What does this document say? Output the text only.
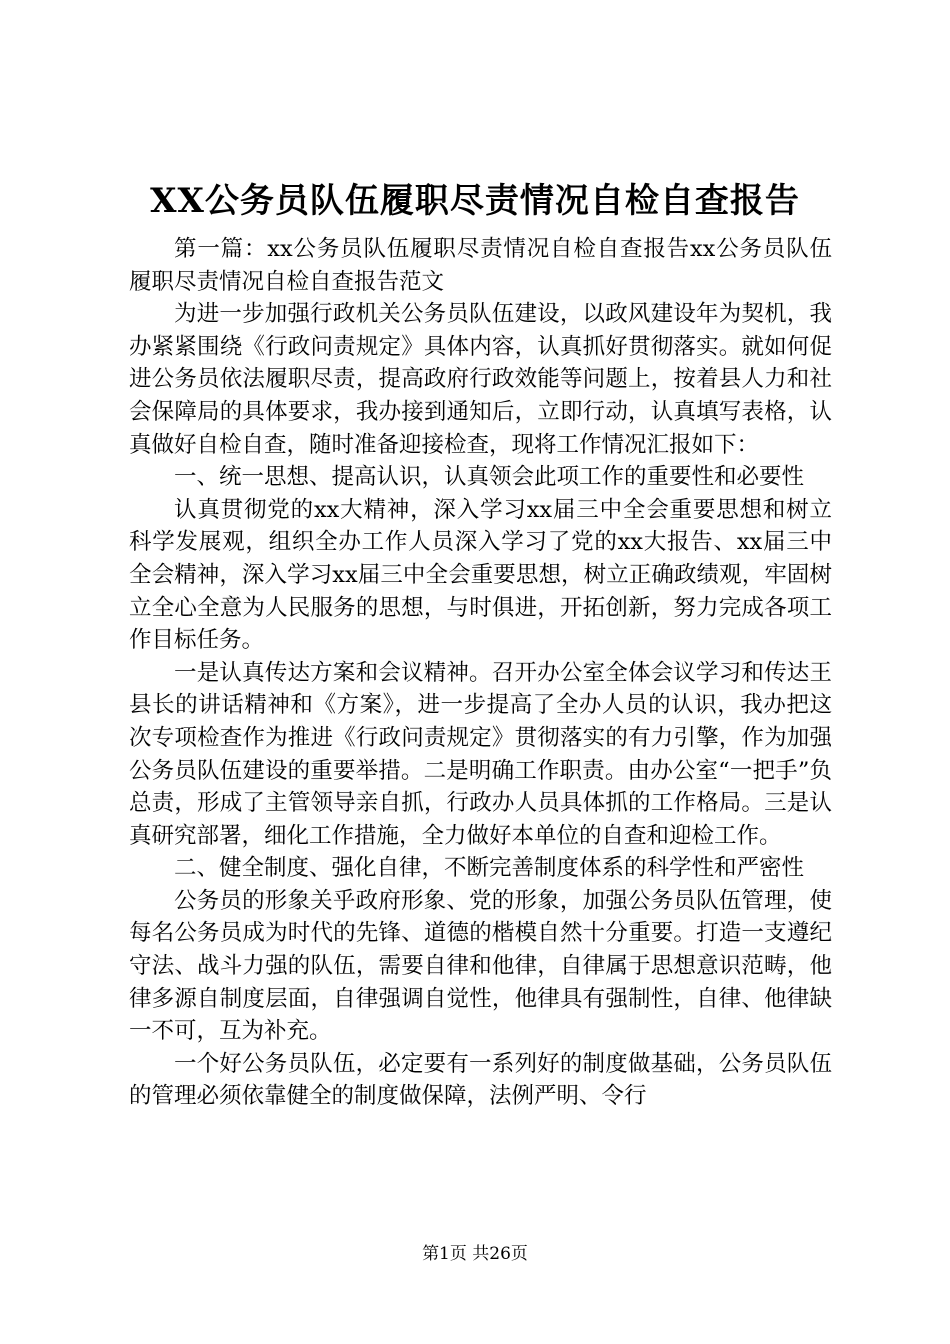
XX公务员队伍履职尽责情况自检自查报告

第一篇：xx公务员队伍履职尽责情况自检自查报告xx公务员队伍履职尽责情况自检自查报告范文

为进一步加强行政机关公务员队伍建设，以政风建设年为契机，我办紧紧围绕《行政问责规定》具体内容，认真抓好贯彻落实。就如何促进公务员依法履职尽责，提高政府行政效能等问题上，按着县人力和社会保障局的具体要求，我办接到通知后，立即行动，认真填写表格，认真做好自检自查，随时准备迎接检查，现将工作情况汇报如下：

一、统一思想、提高认识，认真领会此项工作的重要性和必要性

认真贯彻党的xx大精神，深入学习xx届三中全会重要思想和树立科学发展观，组织全办工作人员深入学习了党的xx大报告、xx届三中全会精神，深入学习xx届三中全会重要思想，树立正确政绩观，牢固树立全心全意为人民服务的思想，与时俱进，开拓创新，努力完成各项工作目标任务。

一是认真传达方案和会议精神。召开办公室全体会议学习和传达王县长的讲话精神和《方案》，进一步提高了全办人员的认识，我办把这次专项检查作为推进《行政问责规定》贯彻落实的有力引擎，作为加强公务员队伍建设的重要举措。二是明确工作职责。由办公室“一把手”负总责，形成了主管领导亲自抓，行政办人员具体抓的工作格局。三是认真研究部署，细化工作措施，全力做好本单位的自查和迎检工作。

二、健全制度、强化自律，不断完善制度体系的科学性和严密性

公务员的形象关乎政府形象、党的形象，加强公务员队伍管理，使每名公务员成为时代的先锋、道德的楷模自然十分重要。打造一支遵纪守法、战斗力强的队伍，需要自律和他律，自律属于思想意识范畴，他律多源自制度层面，自律强调自觉性，他律具有强制性，自律、他律缺一不可，互为补充。

一个好公务员队伍，必定要有一系列好的制度做基础，公务员队伍的管理必须依靠健全的制度做保障，法例严明、令行

第1页 共26页
